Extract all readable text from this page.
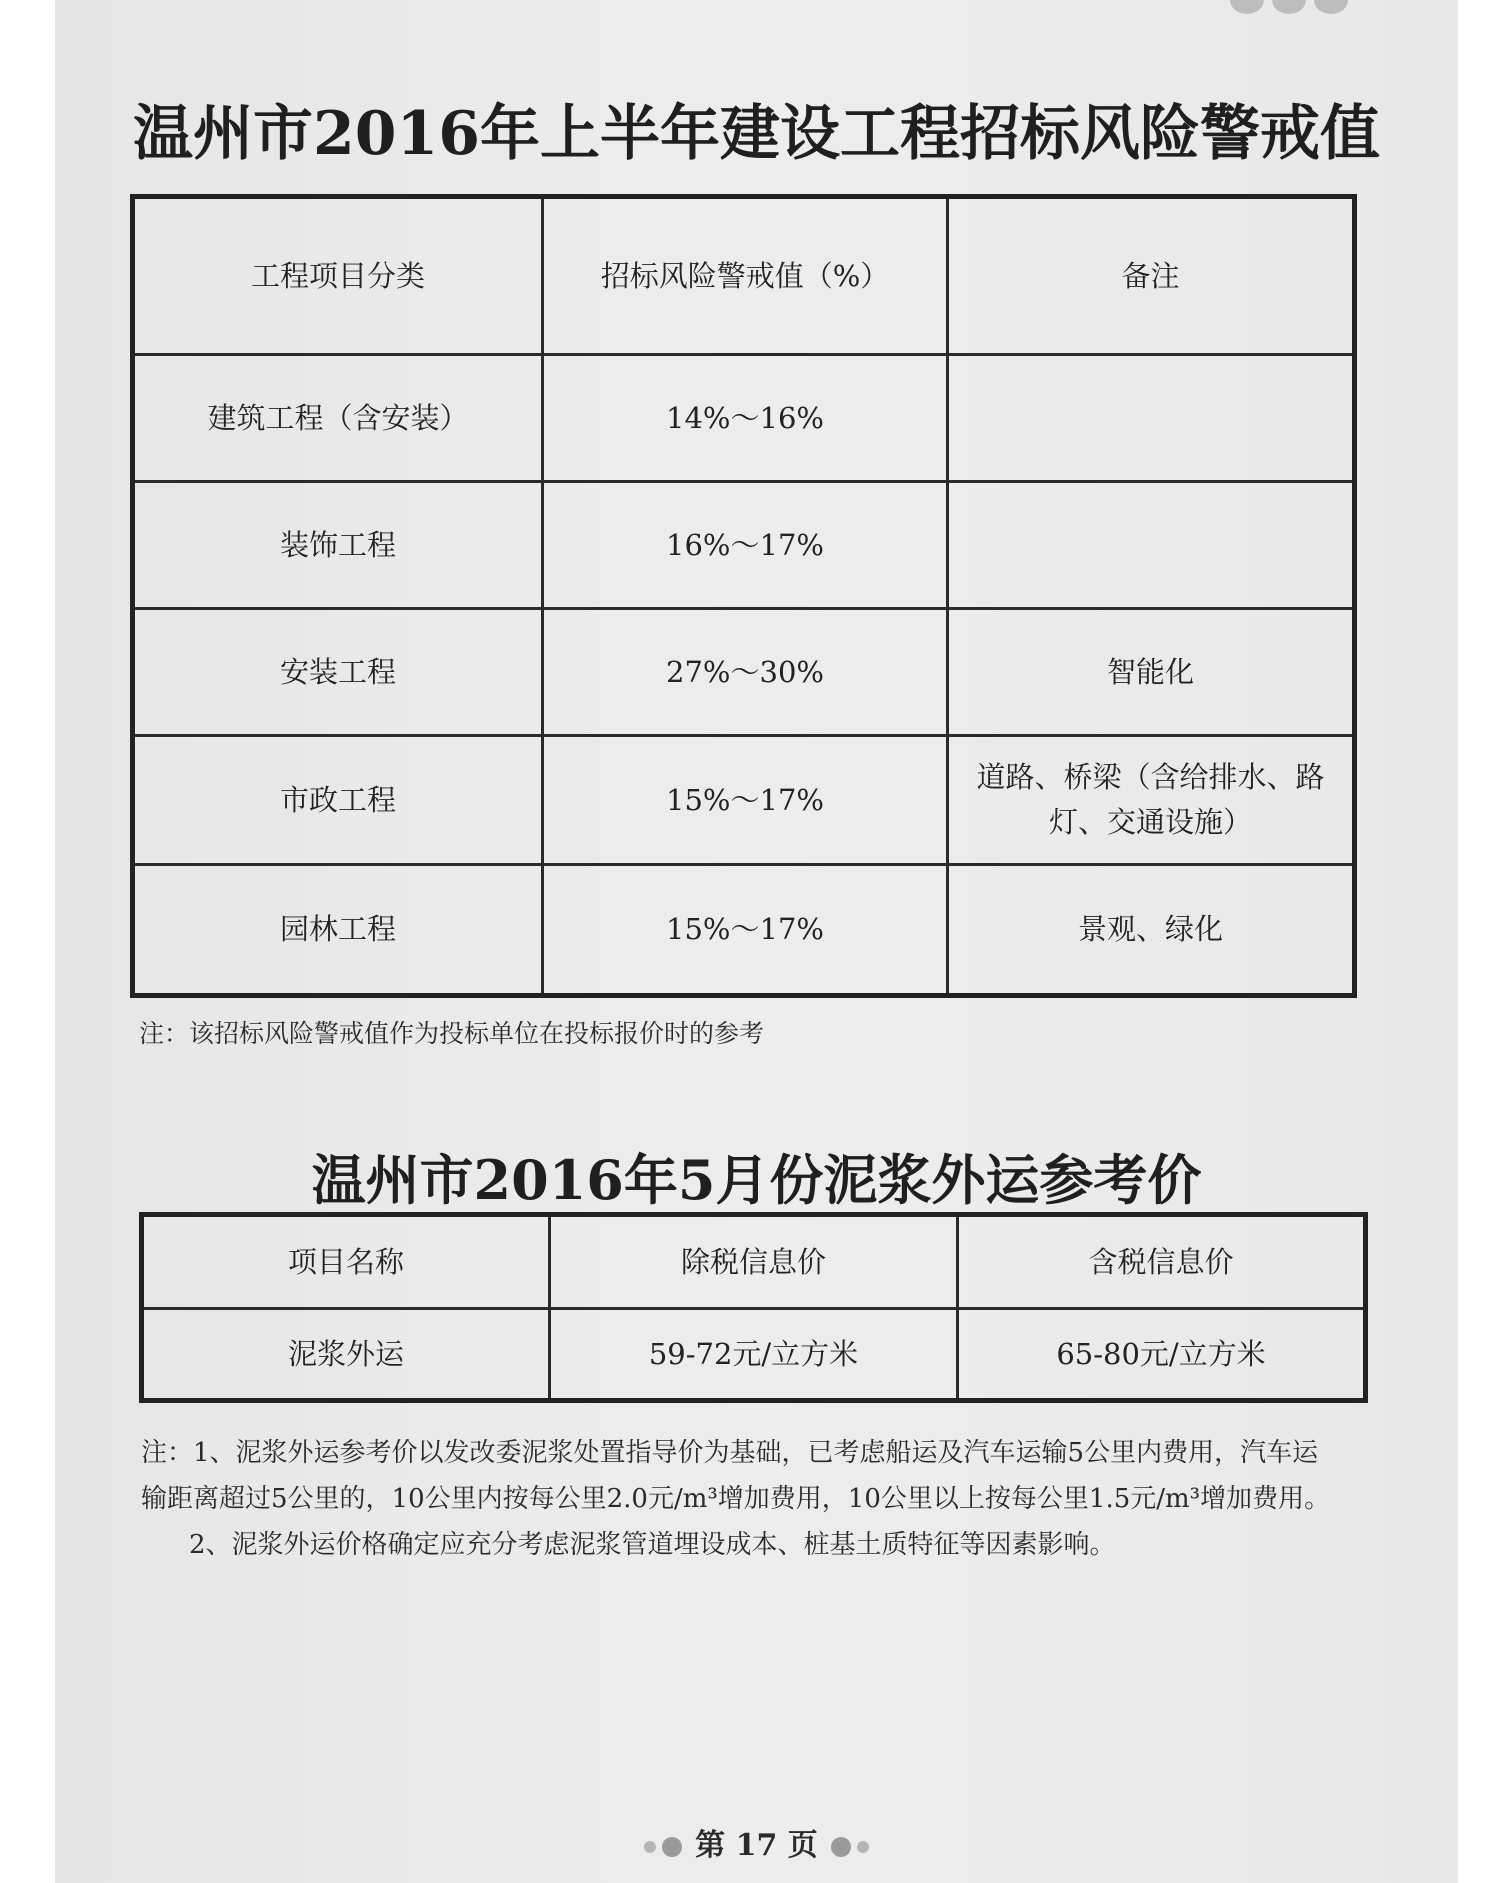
温州市2016年上半年建设工程招标风险警戒值
工程项目分类	招标风险警戒值（%）	备注
建筑工程（含安装）	14%～16%	
装饰工程	16%～17%	
安装工程	27%～30%	智能化
市政工程	15%～17%	道路、桥梁（含给排水、路灯、交通设施）
园林工程	15%～17%	景观、绿化
注：该招标风险警戒值作为投标单位在投标报价时的参考
温州市2016年5月份泥浆外运参考价
项目名称	除税信息价	含税信息价
泥浆外运	59-72元/立方米	65-80元/立方米

注：1、泥浆外运参考价以发改委泥浆处置指导价为基础，已考虑船运及汽车运输5公里内费用，汽车运

输距离超过5公里的，10公里内按每公里2.0元/m³增加费用，10公里以上按每公里1.5元/m³增加费用。

2、泥浆外运价格确定应充分考虑泥浆管道埋设成本、桩基土质特征等因素影响。

第 17 页
